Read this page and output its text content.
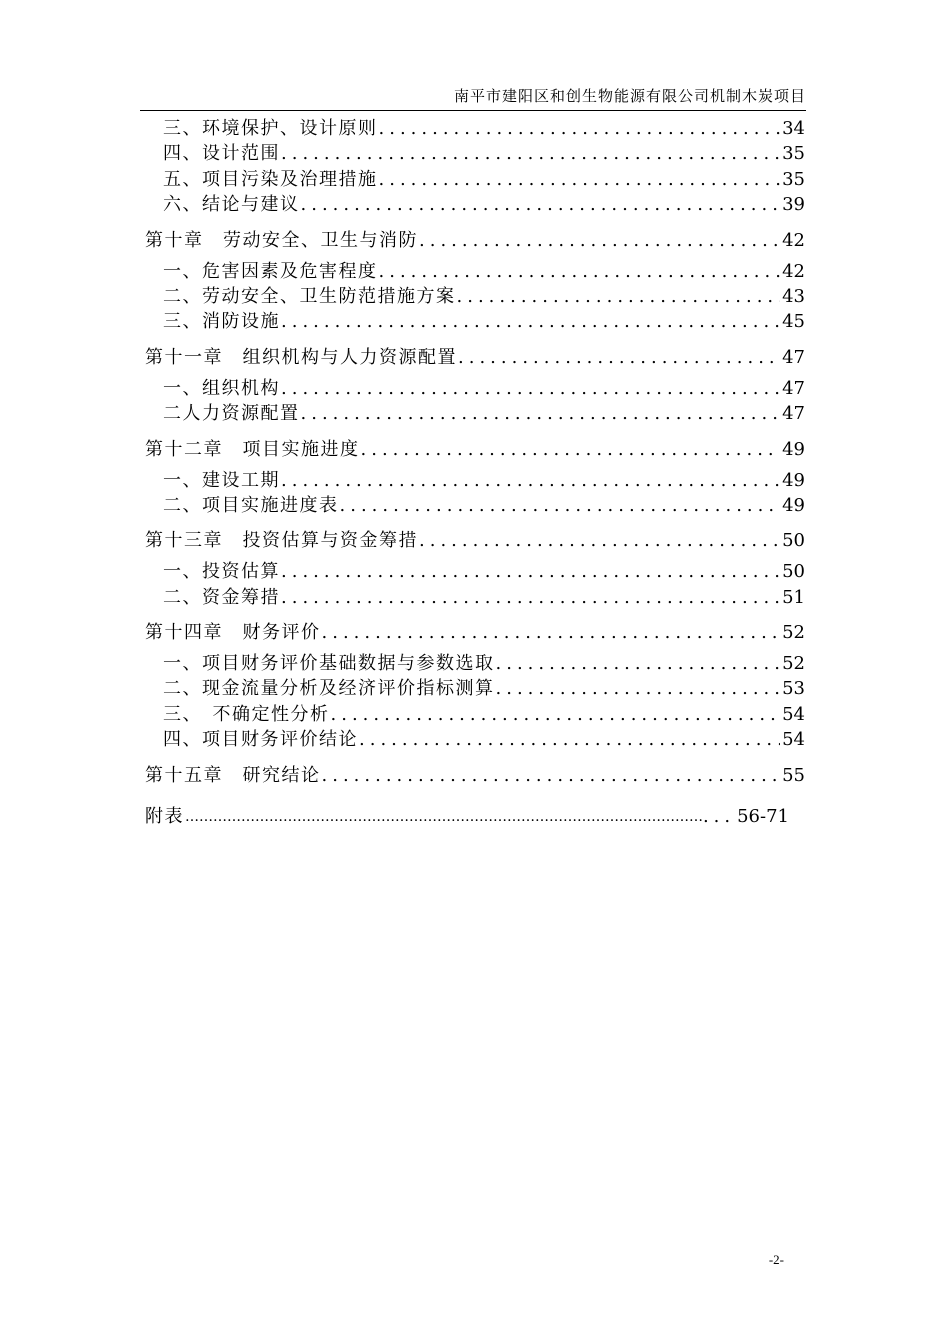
南平市建阳区和创生物能源有限公司机制木炭项目
三、环境保护、设计原则 .....	34
四、设计范围 .....	35
五、项目污染及治理措施 .....	35
六、结论与建议 .....	39
第十章　劳动安全、卫生与消防 .....	42
一、危害因素及危害程度 .....	42
二、劳动安全、卫生防范措施方案 .....	43
三、消防设施 .....	45
第十一章　组织机构与人力资源配置 .....	47
一、组织机构 .....	47
二人力资源配置 .....	47
第十二章　项目实施进度 .....	49
一、建设工期 .....	49
二、项目实施进度表 .....	49
第十三章　投资估算与资金筹措 .....	50
一、投资估算 .....	50
二、资金筹措 .....	51
第十四章　财务评价 .....	52
一、项目财务评价基础数据与参数选取 .....	52
二、现金流量分析及经济评价指标测算 .....	53
三、　不确定性分析 .....	54
四、项目财务评价结论 .....	54
第十五章　研究结论 .....	55
附表 ……………………………………………………………………………………………………	... 56-71
-2-
